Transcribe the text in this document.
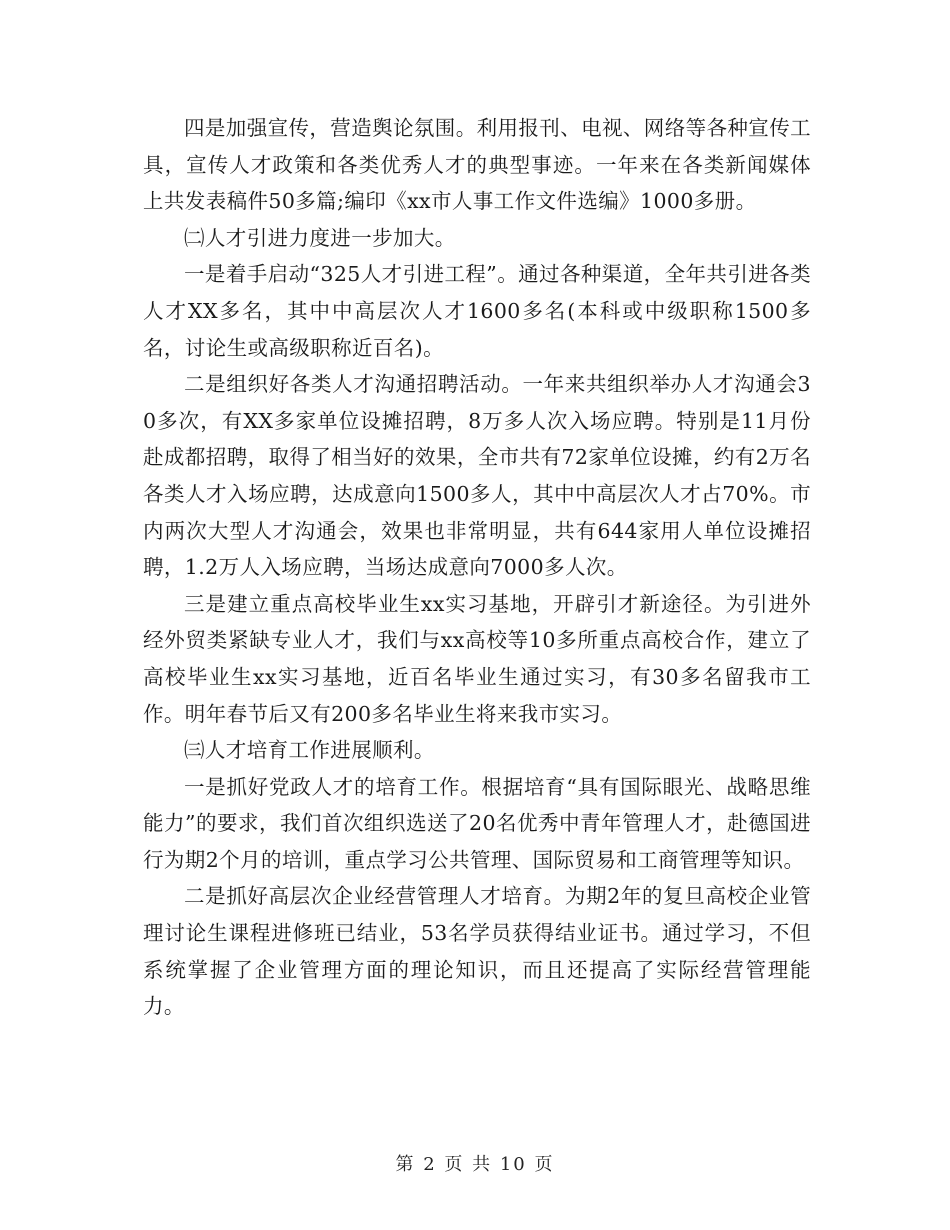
四是加强宣传，营造舆论氛围。利用报刊、电视、网络等各种宣传工具，宣传人才政策和各类优秀人才的典型事迹。一年来在各类新闻媒体上共发表稿件50多篇;编印《xx市人事工作文件选编》1000多册。

㈡人才引进力度进一步加大。

一是着手启动“325人才引进工程”。通过各种渠道，全年共引进各类人才XX多名，其中中高层次人才1600多名(本科或中级职称1500多名，讨论生或高级职称近百名)。

二是组织好各类人才沟通招聘活动。一年来共组织举办人才沟通会30多次，有XX多家单位设摊招聘，8万多人次入场应聘。特别是11月份赴成都招聘，取得了相当好的效果，全市共有72家单位设摊，约有2万名各类人才入场应聘，达成意向1500多人，其中中高层次人才占70%。市内两次大型人才沟通会，效果也非常明显，共有644家用人单位设摊招聘，1.2万人入场应聘，当场达成意向7000多人次。

三是建立重点高校毕业生xx实习基地，开辟引才新途径。为引进外经外贸类紧缺专业人才，我们与xx高校等10多所重点高校合作，建立了高校毕业生xx实习基地，近百名毕业生通过实习，有30多名留我市工作。明年春节后又有200多名毕业生将来我市实习。

㈢人才培育工作进展顺利。

一是抓好党政人才的培育工作。根据培育“具有国际眼光、战略思维能力”的要求，我们首次组织选送了20名优秀中青年管理人才，赴德国进行为期2个月的培训，重点学习公共管理、国际贸易和工商管理等知识。

二是抓好高层次企业经营管理人才培育。为期2年的复旦高校企业管理讨论生课程进修班已结业，53名学员获得结业证书。通过学习，不但系统掌握了企业管理方面的理论知识，而且还提高了实际经营管理能力。

第 2 页 共 10 页
